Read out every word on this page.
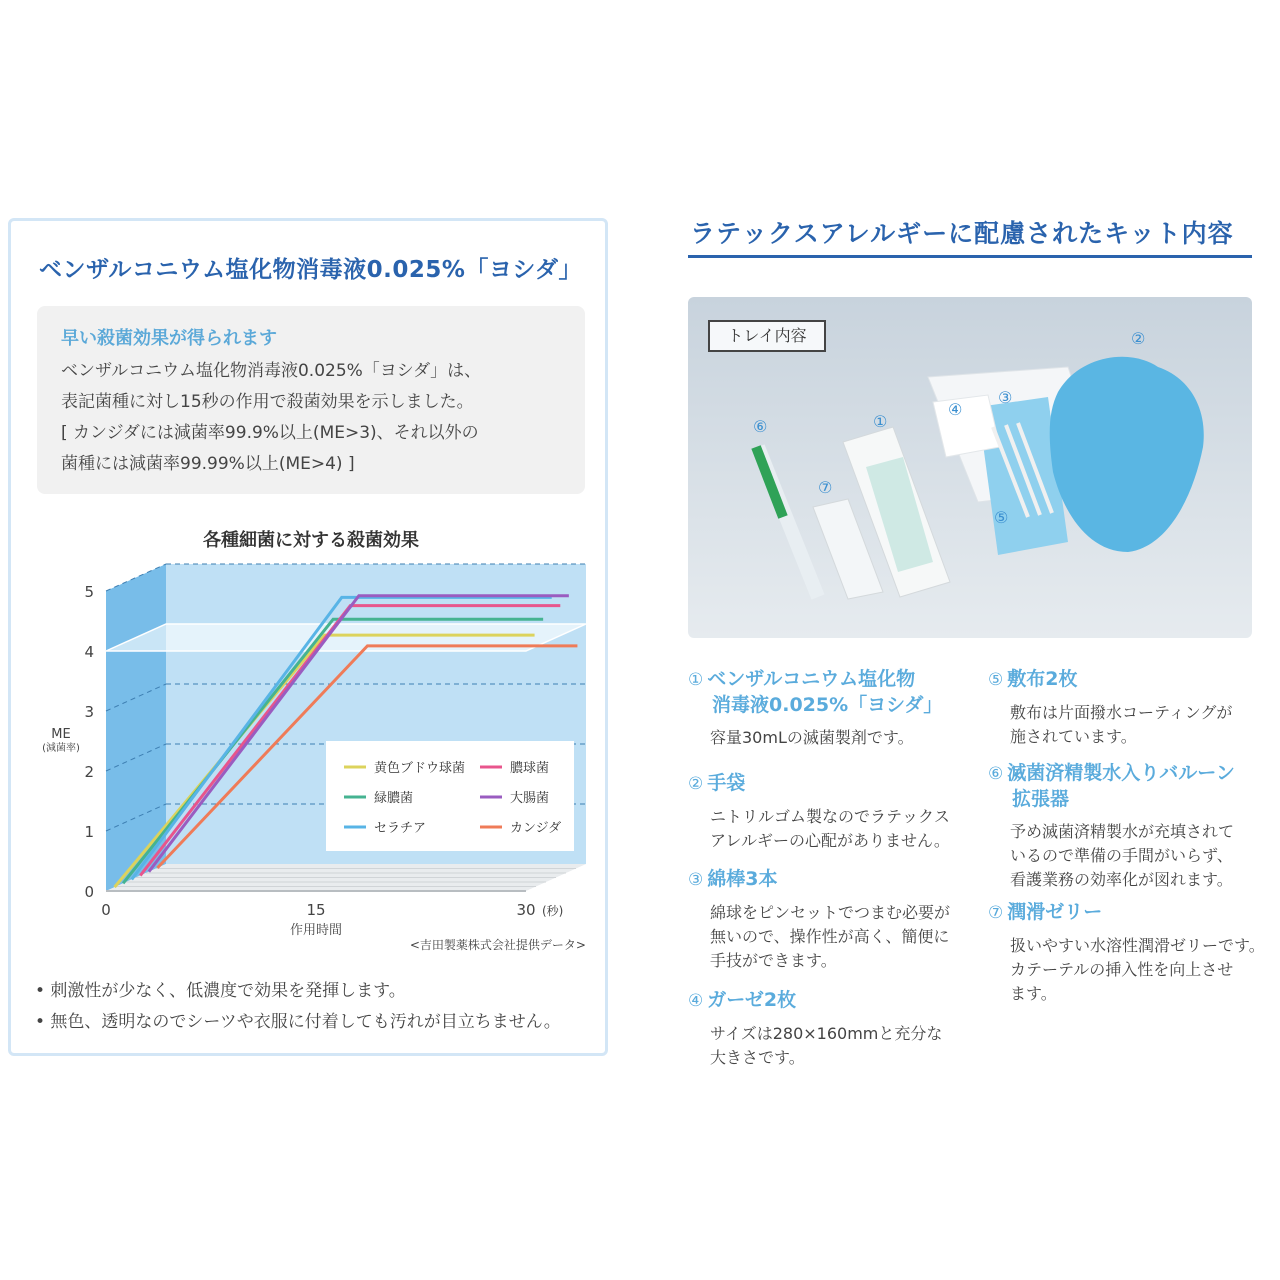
ベンザルコニウム塩化物消毒液0.025%「ヨシダ」
早い殺菌効果が得られます
ベンザルコニウム塩化物消毒液0.025%「ヨシダ」は、
表記菌種に対し15秒の作用で殺菌効果を示しました。
[ カンジダには減菌率99.9%以上(ME>3)、それ以外の
菌種には減菌率99.99%以上(ME>4) ]
各種細菌に対する殺菌効果
黄色ブドウ球菌	膿球菌
緑膿菌	大腸菌
セラチア	カンジダ
0
1
2
3
4
5
0	15	30 (秒)
作用時間
ME
(減菌率)
<吉田製薬株式会社提供データ>
• 刺激性が少なく、低濃度で効果を発揮します。
• 無色、透明なのでシーツや衣服に付着しても汚れが目立ちません。
ラテックスアレルギーに配慮されたキット内容
①
②
③
④
⑤
⑥
⑦
トレイ内容
① ベンザルコニウム塩化物
消毒液0.025%「ヨシダ」
容量30mLの滅菌製剤です。
② 手袋
ニトリルゴム製なのでラテックス
アレルギーの心配がありません。
③ 綿棒3本
綿球をピンセットでつまむ必要が
無いので、操作性が高く、簡便に
手技ができます。
④ ガーゼ2枚
サイズは280×160mmと充分な
大きさです。
⑤ 敷布2枚
敷布は片面撥水コーティングが
施されています。
⑥ 滅菌済精製水入りバルーン
拡張器
予め滅菌済精製水が充填されて
いるので準備の手間がいらず、
看護業務の効率化が図れます。
⑦ 潤滑ゼリー
扱いやすい水溶性潤滑ゼリーです。
カテーテルの挿入性を向上させ
ます。
